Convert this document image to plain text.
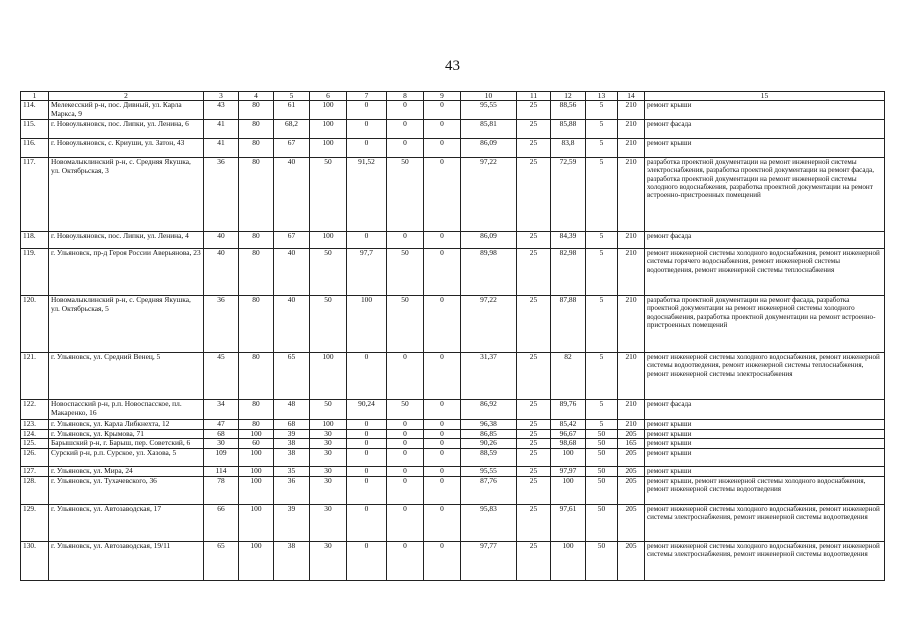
43
1	2	3	4	5	6	7	8	9	10	11	12	13	14	15
114.	Мелекесский р-н, пос. Дивный, ул. Карла Маркса, 9	43	80	61	100	0	0	0	95,55	25	88,56	5	210	ремонт крыши
115.	г. Новоульяновск, пос. Липки, ул. Ленина, 6	41	80	68,2	100	0	0	0	85,81	25	85,88	5	210	ремонт фасада
116.	г. Новоульяновск, с. Криуши, ул. Затон, 43	41	80	67	100	0	0	0	86,09	25	83,8	5	210	ремонт крыши
117.	Новомалыклинский р-н, с. Средняя Якушка, ул. Октябрьская, 3	36	80	40	50	91,52	50	0	97,22	25	72,59	5	210	разработка проектной документации на ремонт инженерной системы электроснабжения, разработка проектной документации на ремонт фасада, разработка проектной документации на ремонт инженерной системы холодного водоснабжения, разработка проектной документации на ремонт встроенно-пристроенных помещений
118.	г. Новоульяновск, пос. Липки, ул. Ленина, 4	40	80	67	100	0	0	0	86,09	25	84,39	5	210	ремонт фасада
119.	г. Ульяновск, пр-д Героя России Аверьянова, 23	40	80	40	50	97,7	50	0	89,98	25	82,98	5	210	ремонт инженерной системы холодного водоснабжения, ремонт инженерной системы горячего водоснабжения, ремонт инженерной системы водоотведения, ремонт инженерной системы теплоснабжения
120.	Новомалыклинский р-н, с. Средняя Якушка, ул. Октябрьская, 5	36	80	40	50	100	50	0	97,22	25	87,88	5	210	разработка проектной документации на ремонт фасада, разработка проектной документации на ремонт инженерной системы холодного водоснабжения, разработка проектной документации на ремонт встроенно-пристроенных помещений
121.	г. Ульяновск, ул. Средний Венец, 5	45	80	65	100	0	0	0	31,37	25	82	5	210	ремонт инженерной системы холодного водоснабжения, ремонт инженерной системы водоотведения, ремонт инженерной системы теплоснабжения, ремонт инженерной системы электроснабжения
122.	Новоспасский р-н, р.п. Новоспасское, пл. Макаренко, 16	34	80	48	50	90,24	50	0	86,92	25	89,76	5	210	ремонт фасада
123.	г. Ульяновск, ул. Карла Либкнехта, 12	47	80	68	100	0	0	0	96,38	25	85,42	5	210	ремонт крыши
124.	г. Ульяновск, ул. Крымова, 71	68	100	39	30	0	0	0	86,85	25	96,67	50	205	ремонт крыши
125.	Барышский р-н, г. Барыш, пер. Советский, 6	30	60	38	30	0	0	0	90,26	25	98,68	50	165	ремонт крыши
126.	Сурский р-н, р.п. Сурское, ул. Хазова, 5	109	100	38	30	0	0	0	88,59	25	100	50	205	ремонт крыши
127.	г. Ульяновск, ул. Мира, 24	114	100	35	30	0	0	0	95,55	25	97,97	50	205	ремонт крыши
128.	г. Ульяновск, ул. Тухачевского, 36	78	100	36	30	0	0	0	87,76	25	100	50	205	ремонт крыши, ремонт инженерной системы холодного водоснабжения, ремонт инженерной системы водоотведения
129.	г. Ульяновск, ул. Автозаводская, 17	66	100	39	30	0	0	0	95,83	25	97,61	50	205	ремонт инженерной системы холодного водоснабжения, ремонт инженерной системы электроснабжения, ремонт инженерной системы водоотведения
130.	г. Ульяновск, ул. Автозаводская, 19/11	65	100	38	30	0	0	0	97,77	25	100	50	205	ремонт инженерной системы холодного водоснабжения, ремонт инженерной системы электроснабжения, ремонт инженерной системы водоотведения
